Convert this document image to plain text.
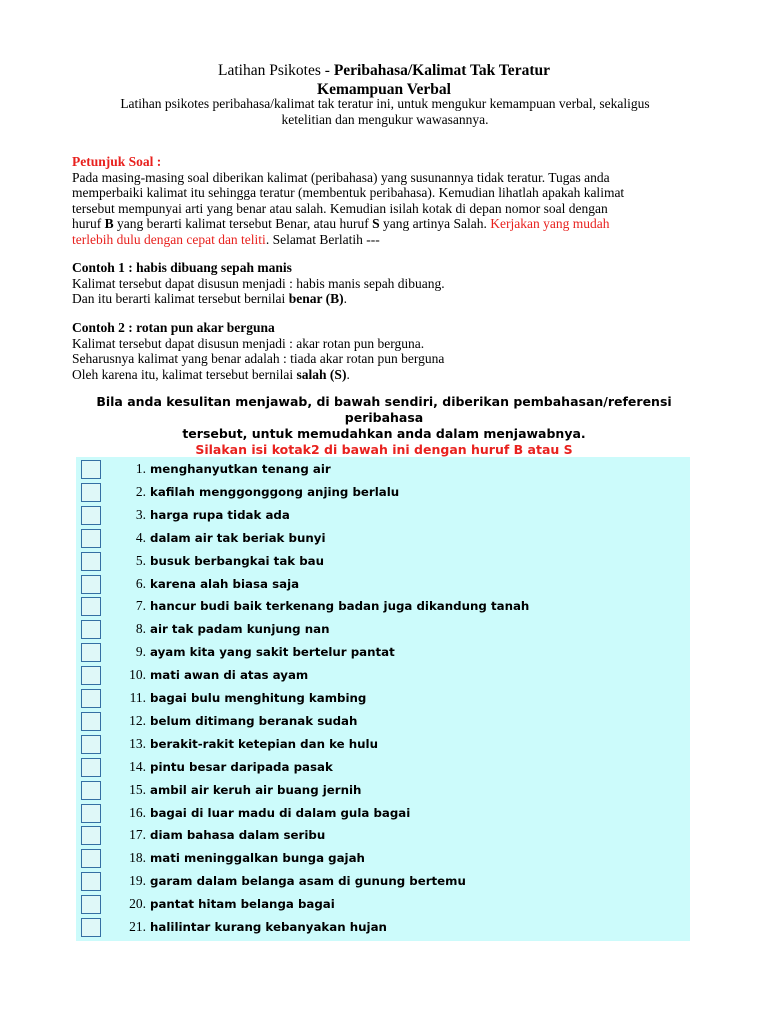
Latihan Psikotes - Peribahasa/Kalimat Tak Teratur
Kemampuan Verbal
Latihan psikotes peribahasa/kalimat tak teratur ini, untuk mengukur kemampuan verbal, sekaligus
ketelitian dan mengukur wawasannya.
Petunjuk Soal :
Pada masing-masing soal diberikan kalimat (peribahasa) yang susunannya tidak teratur. Tugas anda
memperbaiki kalimat itu sehingga teratur (membentuk peribahasa). Kemudian lihatlah apakah kalimat
tersebut mempunyai arti yang benar atau salah. Kemudian isilah kotak di depan nomor soal dengan
huruf B yang berarti kalimat tersebut Benar, atau huruf S yang artinya Salah. Kerjakan yang mudah
terlebih dulu dengan cepat dan teliti. Selamat Berlatih ---
Contoh 1 : habis dibuang sepah manis
Kalimat tersebut dapat disusun menjadi : habis manis sepah dibuang.
Dan itu berarti kalimat tersebut bernilai benar (B).
Contoh 2 : rotan pun akar berguna
Kalimat tersebut dapat disusun menjadi : akar rotan pun berguna.
Seharusnya kalimat yang benar adalah : tiada akar rotan pun berguna
Oleh karena itu, kalimat tersebut bernilai salah (S).
Bila anda kesulitan menjawab, di bawah sendiri, diberikan pembahasan/referensi peribahasa
tersebut, untuk memudahkan anda dalam menjawabnya.
Silakan isi kotak2 di bawah ini dengan huruf B atau S
1. menghanyutkan tenang air
2. kafilah menggonggong anjing berlalu
3. harga rupa tidak ada
4. dalam air tak beriak bunyi
5. busuk berbangkai tak bau
6. karena alah biasa saja
7. hancur budi baik terkenang badan juga dikandung tanah
8. air tak padam kunjung nan
9. ayam kita yang sakit bertelur pantat
10. mati awan di atas ayam
11. bagai bulu menghitung kambing
12. belum ditimang beranak sudah
13. berakit-rakit ketepian dan ke hulu
14. pintu besar daripada pasak
15. ambil air keruh air buang jernih
16. bagai di luar madu di dalam gula bagai
17. diam bahasa dalam seribu
18. mati meninggalkan bunga gajah
19. garam dalam belanga asam di gunung bertemu
20. pantat hitam belanga bagai
21. halilintar kurang kebanyakan hujan
